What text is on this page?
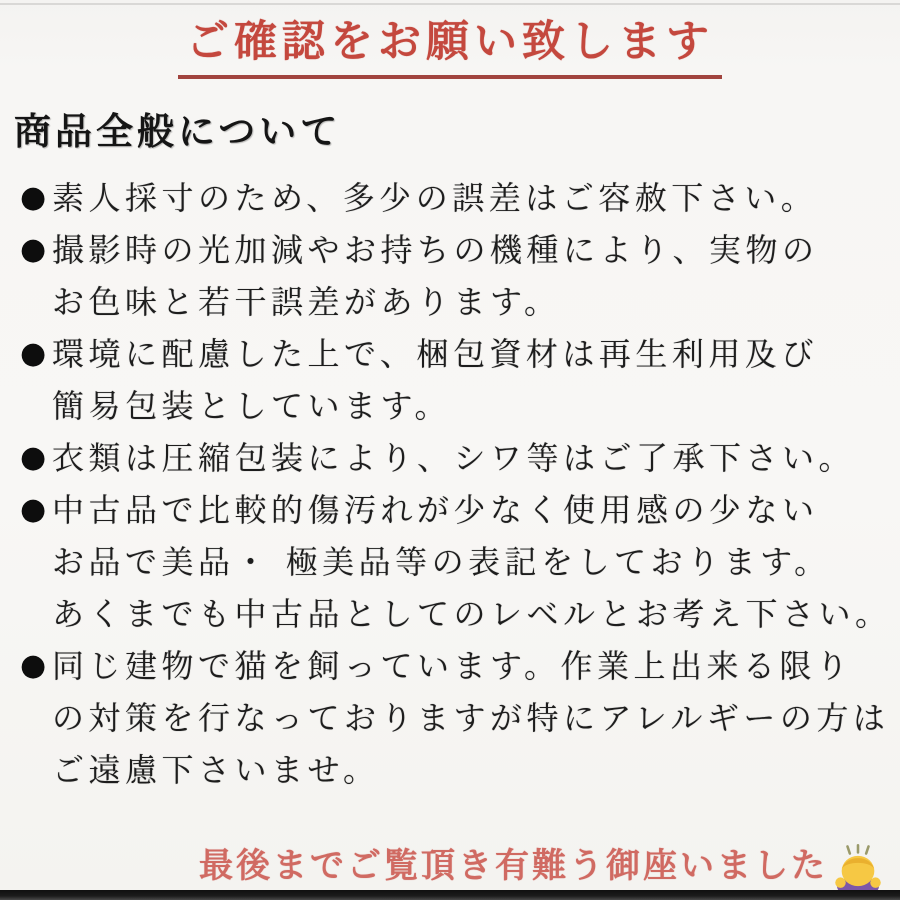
ご確認をお願い致します
商品全般について
● 素人採寸のため、多少の誤差はご容赦下さい。
● 撮影時の光加減やお持ちの機種により、実物の
お色味と若干誤差があります。
● 環境に配慮した上で、梱包資材は再生利用及び
簡易包装としています。
● 衣類は圧縮包装により、シワ等はご了承下さい。
● 中古品で比較的傷汚れが少なく使用感の少ない
お品で美品・ 極美品等の表記をしております。
あくまでも中古品としてのレベルとお考え下さい。
● 同じ建物で猫を飼っています。作業上出来る限り
の対策を行なっておりますが特にアレルギーの方は
ご遠慮下さいませ。
最後までご覧頂き有難う御座いました
